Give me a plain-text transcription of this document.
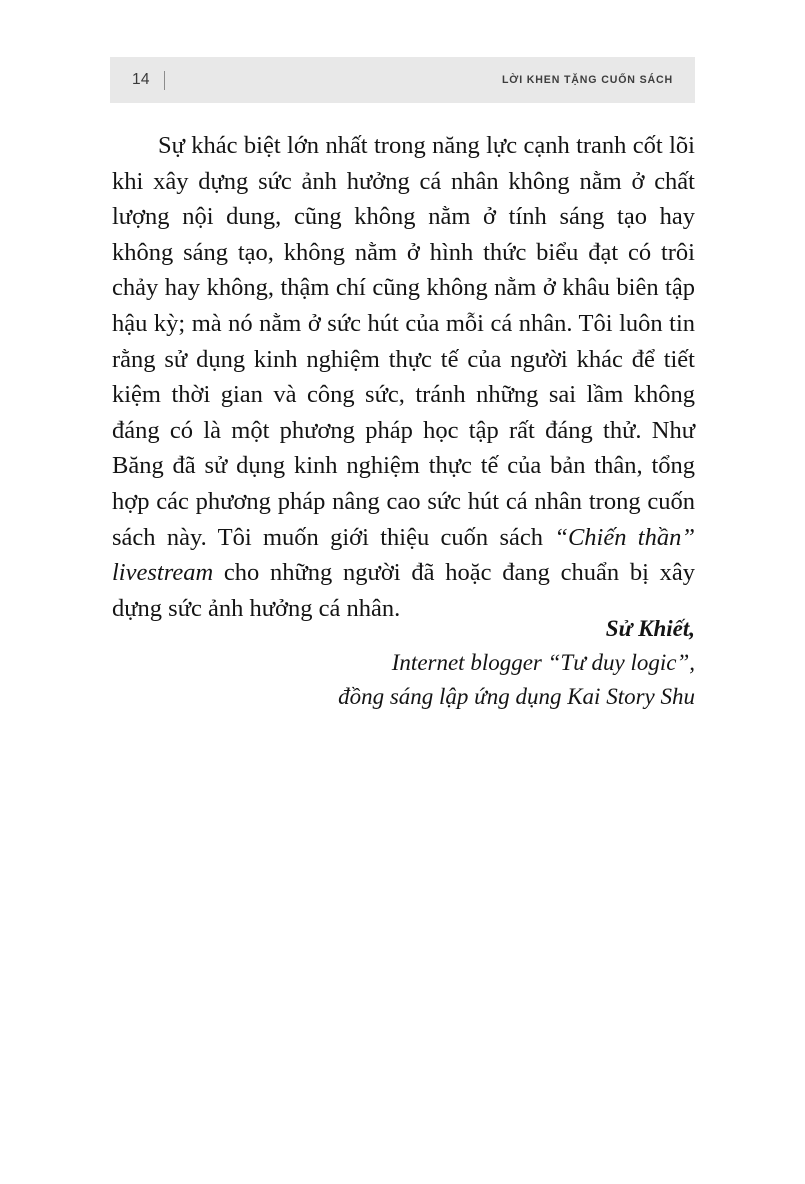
14	LỜI KHEN TẶNG CUỐN SÁCH

Sự khác biệt lớn nhất trong năng lực cạnh tranh cốt lõi khi xây dựng sức ảnh hưởng cá nhân không nằm ở chất lượng nội dung, cũng không nằm ở tính sáng tạo hay không sáng tạo, không nằm ở hình thức biểu đạt có trôi chảy hay không, thậm chí cũng không nằm ở khâu biên tập hậu kỳ; mà nó nằm ở sức hút của mỗi cá nhân. Tôi luôn tin rằng sử dụng kinh nghiệm thực tế của người khác để tiết kiệm thời gian và công sức, tránh những sai lầm không đáng có là một phương pháp học tập rất đáng thử. Như Băng đã sử dụng kinh nghiệm thực tế của bản thân, tổng hợp các phương pháp nâng cao sức hút cá nhân trong cuốn sách này. Tôi muốn giới thiệu cuốn sách “Chiến thần” livestream cho những người đã hoặc đang chuẩn bị xây dựng sức ảnh hưởng cá nhân.

Sử Khiết,

Internet blogger “Tư duy logic”,

đồng sáng lập ứng dụng Kai Story Shu
